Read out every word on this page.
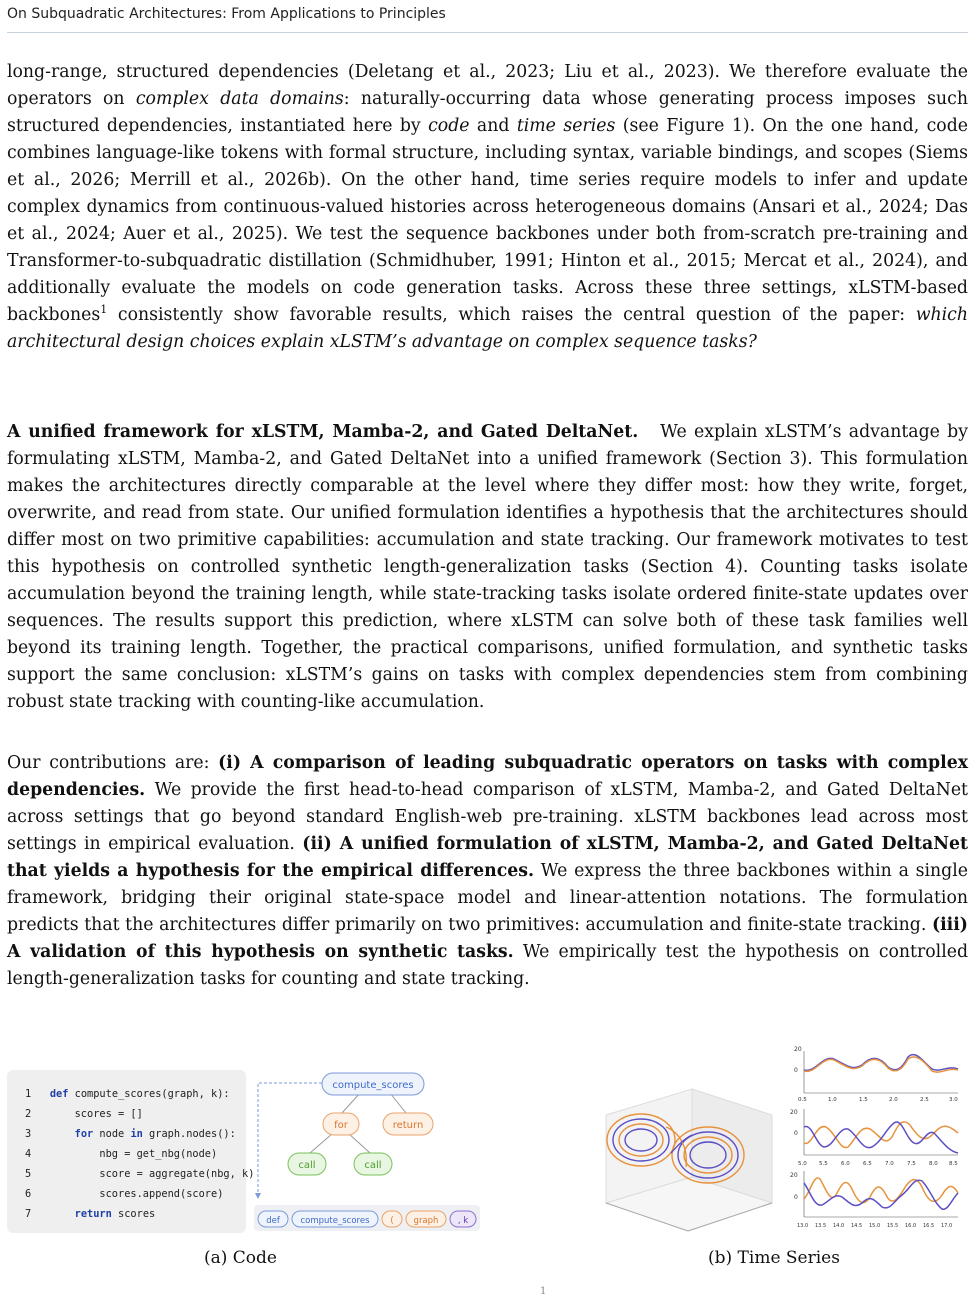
On Subquadratic Architectures: From Applications to Principles

long-range, structured dependencies (Deletang et al., 2023; Liu et al., 2023). We therefore evaluate the operators on complex data domains: naturally-occurring data whose generating process imposes such structured dependencies, instantiated here by code and time series (see Figure 1). On the one hand, code combines language-like tokens with formal structure, including syntax, variable bindings, and scopes (Siems et al., 2026; Merrill et al., 2026b). On the other hand, time series require models to infer and update complex dynamics from continuous-valued histories across heterogeneous domains (Ansari et al., 2024; Das et al., 2024; Auer et al., 2025). We test the sequence backbones under both from-scratch pre-training and Transformer-to-subquadratic distillation (Schmidhuber, 1991; Hinton et al., 2015; Mercat et al., 2024), and additionally evaluate the models on code generation tasks. Across these three settings, xLSTM-based backbones$^1$ consistently show favorable results, which raises the central question of the paper: which architectural design choices explain xLSTM’s advantage on complex sequence tasks?

A unified framework for xLSTM, Mamba-2, and Gated DeltaNet. We explain xLSTM’s advantage by formulating xLSTM, Mamba-2, and Gated DeltaNet into a unified framework (Section 3). This formulation makes the architectures directly comparable at the level where they differ most: how they write, forget, overwrite, and read from state. Our unified formulation identifies a hypothesis that the architectures should differ most on two primitive capabilities: accumulation and state tracking. Our framework motivates to test this hypothesis on controlled synthetic length-generalization tasks (Section 4). Counting tasks isolate accumulation beyond the training length, while state-tracking tasks isolate ordered finite-state updates over sequences. The results support this prediction, where xLSTM can solve both of these task families well beyond its training length. Together, the practical comparisons, unified formulation, and synthetic tasks support the same conclusion: xLSTM’s gains on tasks with complex dependencies stem from combining robust state tracking with counting-like accumulation.

Our contributions are: (i) A comparison of leading subquadratic operators on tasks with complex dependencies. We provide the first head-to-head comparison of xLSTM, Mamba-2, and Gated DeltaNet across settings that go beyond standard English-web pre-training. xLSTM backbones lead across most settings in empirical evaluation. (ii) A unified formulation of xLSTM, Mamba-2, and Gated DeltaNet that yields a hypothesis for the empirical differences. We express the three backbones within a single framework, bridging their original state-space model and linear-attention notations. The formulation predicts that the architectures differ primarily on two primitives: accumulation and finite-state tracking. (iii) A validation of this hypothesis on synthetic tasks. We empirically test the hypothesis on controlled length-generalization tasks for counting and state tracking.

1 def compute_scores(graph, k):
2       scores = []
3	for node in graph.nodes():
4           nbg = get_nbg(node)
5           score = aggregate(nbg, k)
6           scores.append(score)
7	return scores
compute_scores
for	return
call	call
def compute_scores ( graph , k
(a) Code
20
0
0.5	1.0	1.5	2.0	2.5	3.0
20
0
5.0 5.5 6.0 6.5 7.0 7.5 8.0 8.5
20
0
13.0 13.5 14.0 14.5 15.0 15.5 16.0 16.5 17.0
(b) Time Series
1
